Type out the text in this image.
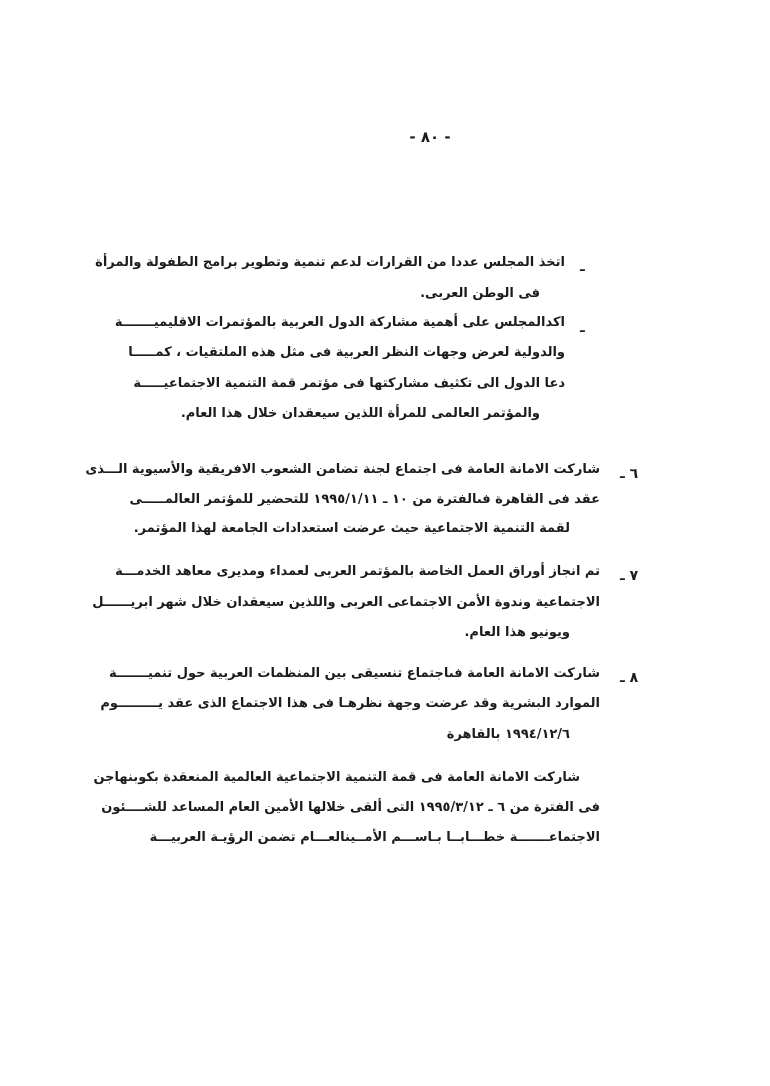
- ٨٠ -
ـ
اتخذ المجلس عددا من القرارات لدعم تنمية وتطوير برامج الطفولة والمرأة
فى الوطن العربى.
ـ
اكدالمجلس على أهمية مشاركة الدول العربية بالمؤتمرات الاقليميـــــــة
والدولية لعرض وجهات النظر العربية فى مثل هذه الملتقيات ، كمـــــا
دعا الدول الى تكثيف مشاركتها فى مؤتمر قمة التنمية الاجتماعيـــــة
والمؤتمر العالمى للمرأة اللذين سيعقدان خلال هذا العام.
٦ ـ
شاركت الامانة العامة فى اجتماع لجنة تضامن الشعوب الافريقية والأسيوية الـــذى
عقد فى القاهرة فىالفترة من ١٠ ـ ١٩٩٥/١/١١ للتحضير للمؤتمر العالمـــــى
لقمة التنمية الاجتماعية حيث عرضت استعدادات الجامعة لهذا المؤتمر.
٧ ـ
تم انجاز أوراق العمل الخاصة بالمؤتمر العربى لعمداء ومديرى معاهد الخدمـــة
الاجتماعية وندوة الأمن الاجتماعى العربى واللذين سيعقدان خلال شهر ابريــــــل
ويونيو هذا العام.
٨ ـ
شاركت الامانة العامة فىاجتماع تنسيقى بين المنظمات العربية حول تنميـــــــة
الموارد البشرية وقد عرضت وجهة نظرهـا فى هذا الاجتماع الذى عقد يـــــــــوم
١٩٩٤/١٢/٦ بالقاهرة
شاركت الامانة العامة فى قمة التنمية الاجتماعية العالمية المنعقدة بكوبنهاجن
فى الفترة من ٦ ـ ١٩٩٥/٣/١٢ التى ألقى خلالها الأمين العام المساعد للشــــئون
الاجتماعـــــــة خطـــابــا بـاســـم الأمــينالعـــام تضمن الرؤيـة العربيـــة
